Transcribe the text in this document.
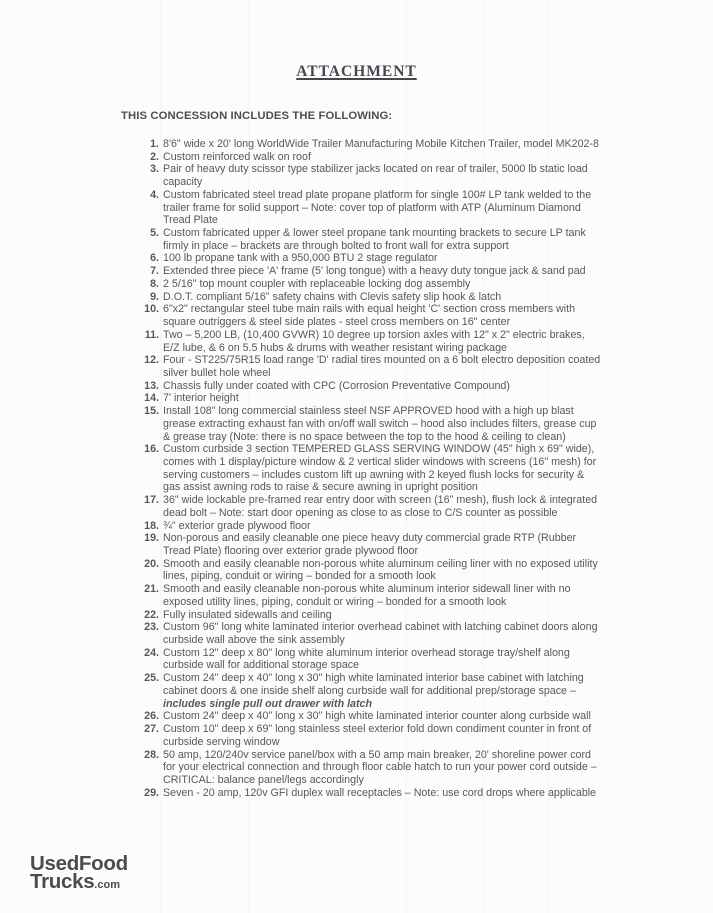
ATTACHMENT
THIS CONCESSION INCLUDES THE FOLLOWING:
1. 8'6" wide x 20' long WorldWide Trailer Manufacturing Mobile Kitchen Trailer, model MK202-8
2. Custom reinforced walk on roof
3. Pair of heavy duty scissor type stabilizer jacks located on rear of trailer, 5000 lb static load capacity
4. Custom fabricated steel tread plate propane platform for single 100# LP tank welded to the trailer frame for solid support – Note: cover top of platform with ATP (Aluminum Diamond Tread Plate
5. Custom fabricated upper & lower steel propane tank mounting brackets to secure LP tank firmly in place – brackets are through bolted to front wall for extra support
6. 100 lb propane tank with a 950,000 BTU 2 stage regulator
7. Extended three piece 'A' frame (5' long tongue) with a heavy duty tongue jack & sand pad
8. 2 5/16" top mount coupler with replaceable locking dog assembly
9. D.O.T. compliant 5/16" safety chains with Clevis safety slip hook & latch
10. 6"x2" rectangular steel tube main rails with equal height 'C' section cross members with square outriggers & steel side plates - steel cross members on 16" center
11. Two – 5,200 LB, (10,400 GVWR) 10 degree up torsion axles with 12" x 2" electric brakes, E/Z lube, & 6 on 5.5 hubs & drums with weather resistant wiring package
12. Four - ST225/75R15 load range 'D' radial tires mounted on a 6 bolt electro deposition coated silver bullet hole wheel
13. Chassis fully under coated with CPC (Corrosion Preventative Compound)
14. 7' interior height
15. Install 108" long commercial stainless steel NSF APPROVED hood with a high up blast grease extracting exhaust fan with on/off wall switch – hood also includes filters, grease cup & grease tray (Note: there is no space between the top to the hood & ceiling to clean)
16. Custom curbside 3 section TEMPERED GLASS SERVING WINDOW (45" high x 69" wide), comes with 1 display/picture window & 2 vertical slider windows with screens (16" mesh) for serving customers – includes custom lift up awning with 2 keyed flush locks for security & gas assist awning rods to raise & secure awning in upright position
17. 36" wide lockable pre-framed rear entry door with screen (16" mesh), flush lock & integrated dead bolt – Note: start door opening as close to as close to C/S counter as possible
18. ¾" exterior grade plywood floor
19. Non-porous and easily cleanable one piece heavy duty commercial grade RTP (Rubber Tread Plate) flooring over exterior grade plywood floor
20. Smooth and easily cleanable non-porous white aluminum ceiling liner with no exposed utility lines, piping, conduit or wiring – bonded for a smooth look
21. Smooth and easily cleanable non-porous white aluminum interior sidewall liner with no exposed utility lines, piping, conduit or wiring – bonded for a smooth look
22. Fully insulated sidewalls and ceiling
23. Custom 96" long white laminated interior overhead cabinet with latching cabinet doors along curbside wall above the sink assembly
24. Custom 12" deep x 80" long white aluminum interior overhead storage tray/shelf along curbside wall for additional storage space
25. Custom 24" deep x 40" long x 30" high white laminated interior base cabinet with latching cabinet doors & one inside shelf along curbside wall for additional prep/storage space – includes single pull out drawer with latch
26. Custom 24" deep x 40" long x 30" high white laminated interior counter along curbside wall
27. Custom 10" deep x 69" long stainless steel exterior fold down condiment counter in front of curbside serving window
28. 50 amp, 120/240v service panel/box with a 50 amp main breaker, 20' shoreline power cord for your electrical connection and through floor cable hatch to run your power cord outside – CRITICAL: balance panel/legs accordingly
29. Seven - 20 amp, 120v GFI duplex wall receptacles – Note: use cord drops where applicable
UsedFood
Trucks.com
